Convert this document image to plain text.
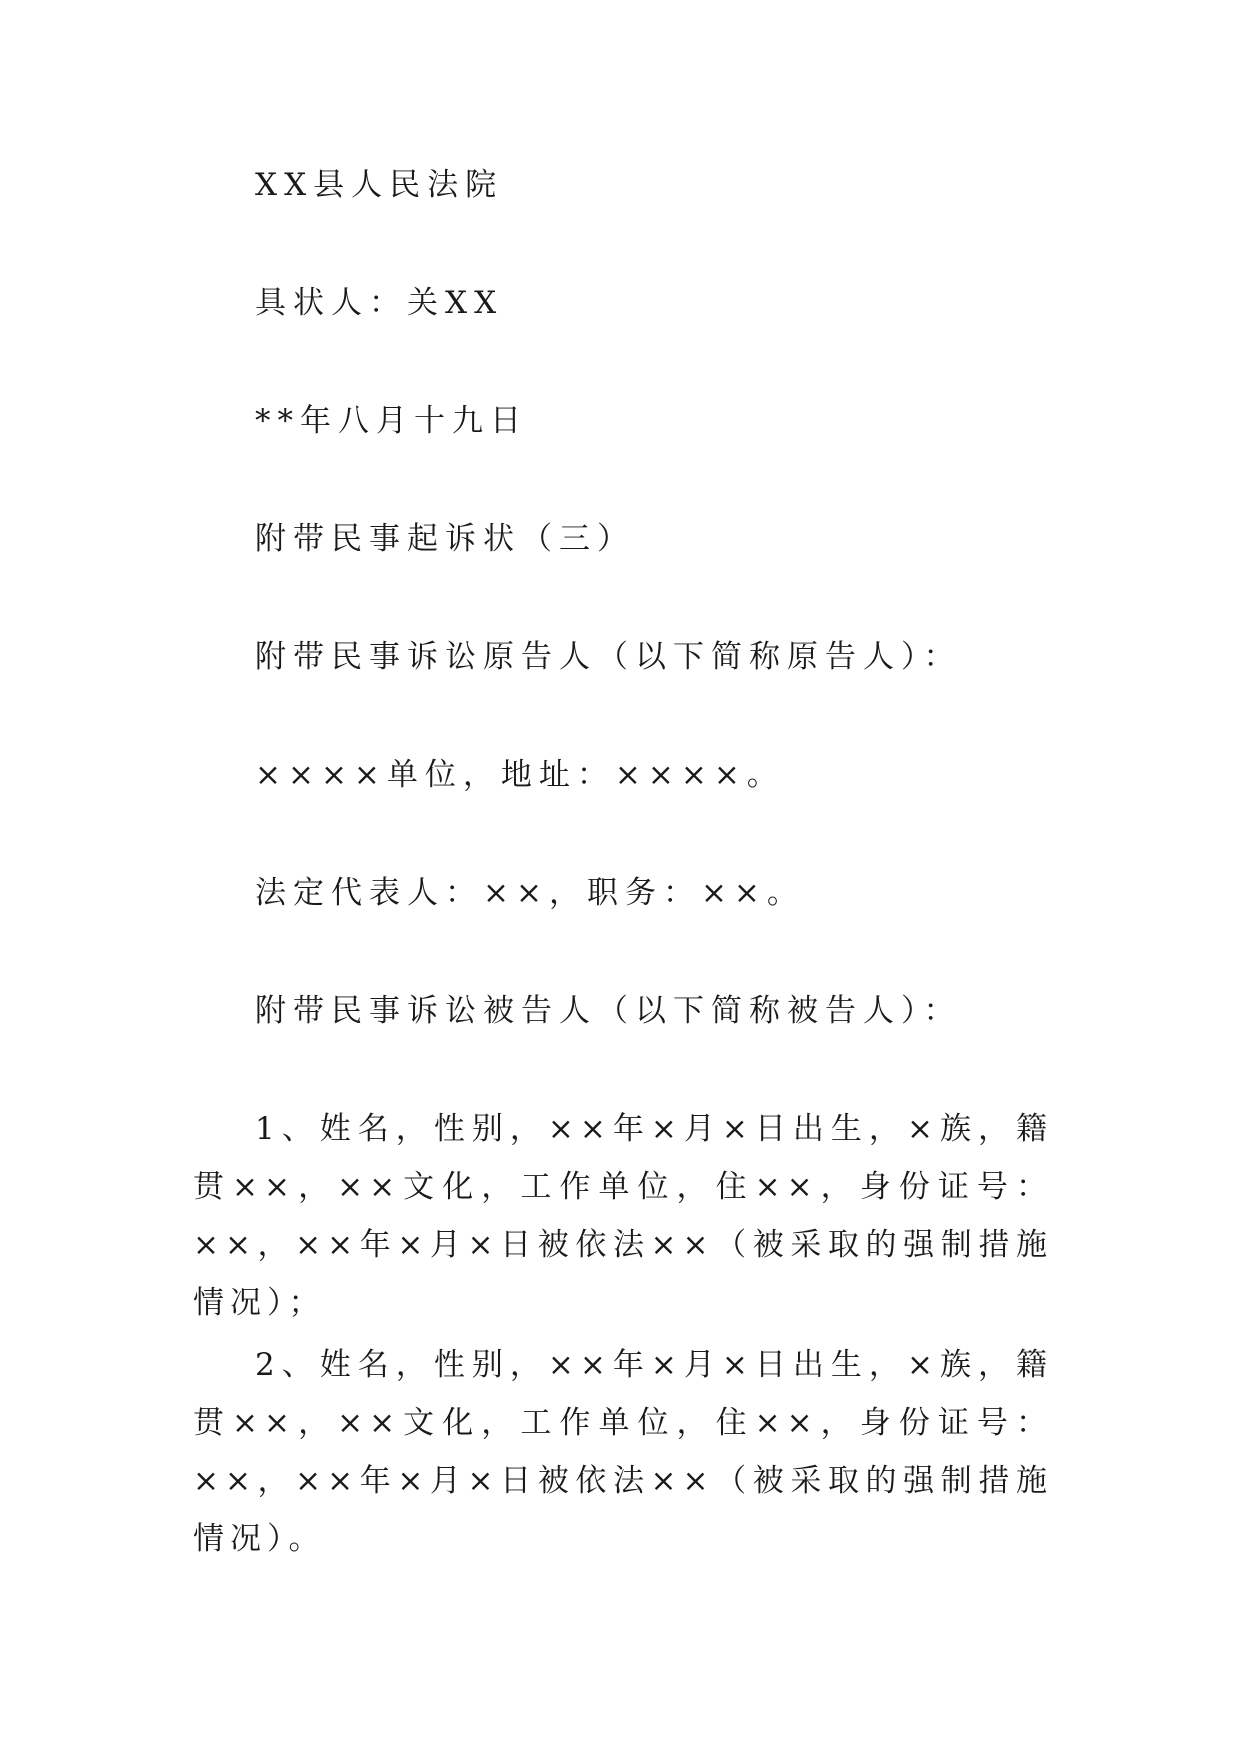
XX县人民法院
具状人：关XX
**年八月十九日
附带民事起诉状（三）
附带民事诉讼原告人（以下简称原告人）：
××××单位，地址：××××。
法定代表人：××，职务：××。
附带民事诉讼被告人（以下简称被告人）：
1、姓名，性别，××年×月×日出生，×族，籍贯××，××文化，工作单位，住××，身份证号：××，××年×月×日被依法××（被采取的强制措施情况）；
2、姓名，性别，××年×月×日出生，×族，籍贯××，××文化，工作单位，住××，身份证号：××，××年×月×日被依法××（被采取的强制措施情况）。
